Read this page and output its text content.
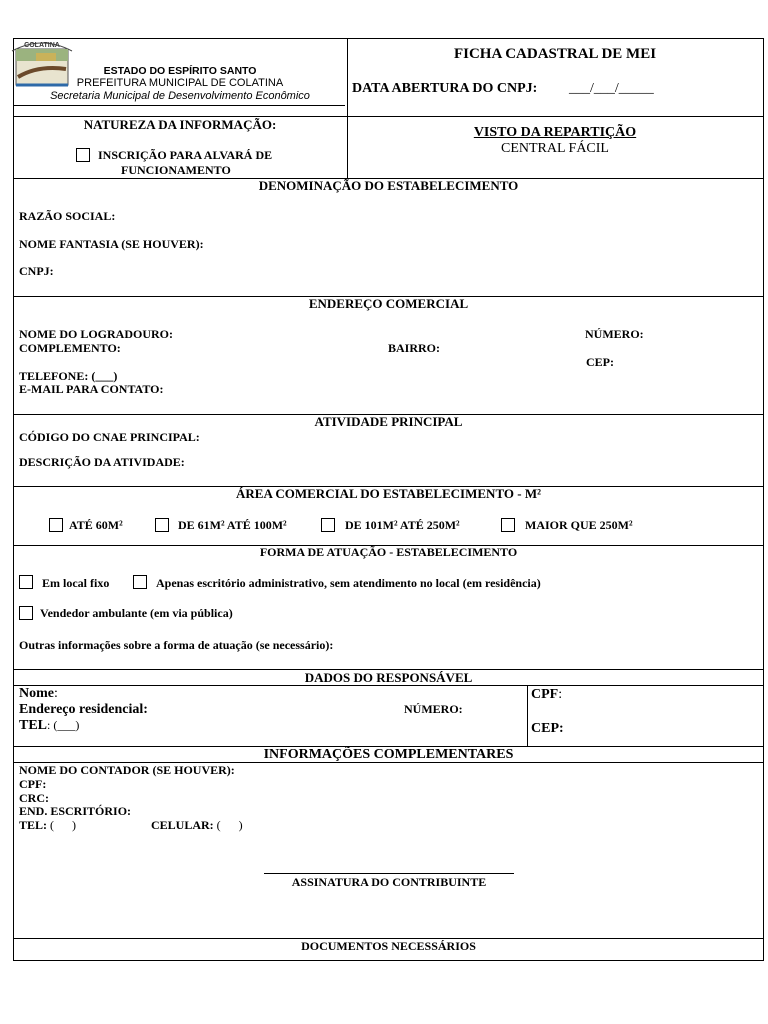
COLATINA
ESTADO DO ESPÍRITO SANTO
PREFEITURA MUNICIPAL DE COLATINA
Secretaria Municipal de Desenvolvimento Econômico
FICHA CADASTRAL DE MEI
DATA ABERTURA DO CNPJ: ___/___/_____
NATUREZA DA INFORMAÇÃO:
INSCRIÇÃO PARA ALVARÁ DE
FUNCIONAMENTO
VISTO DA REPARTIÇÃO
CENTRAL FÁCIL
DENOMINAÇÃO DO ESTABELECIMENTO
RAZÃO SOCIAL:
NOME FANTASIA (SE HOUVER):
CNPJ:
ENDEREÇO COMERCIAL
NOME DO LOGRADOURO:	NÚMERO:
COMPLEMENTO:	BAIRRO:
CEP:
TELEFONE: (___)
E-MAIL PARA CONTATO:
ATIVIDADE PRINCIPAL
CÓDIGO DO CNAE PRINCIPAL:
DESCRIÇÃO DA ATIVIDADE:
ÁREA COMERCIAL DO ESTABELECIMENTO - M²
ATÉ 60M²	DE 61M² ATÉ 100M²	DE 101M² ATÉ 250M²	MAIOR QUE 250M²
FORMA DE ATUAÇÃO - ESTABELECIMENTO
Em local fixo	Apenas escritório administrativo, sem atendimento no local (em residência)
Vendedor ambulante (em via pública)
Outras informações sobre a forma de atuação (se necessário):
DADOS DO RESPONSÁVEL
Nome:
Endereço residencial:
TEL: (___)
NÚMERO:
CPF:
CEP:
INFORMAÇÕES COMPLEMENTARES
NOME DO CONTADOR (SE HOUVER):
CPF:
CRC:
END. ESCRITÓRIO:
TEL: (      )	CELULAR: (      )
ASSINATURA DO CONTRIBUINTE
DOCUMENTOS NECESSÁRIOS
